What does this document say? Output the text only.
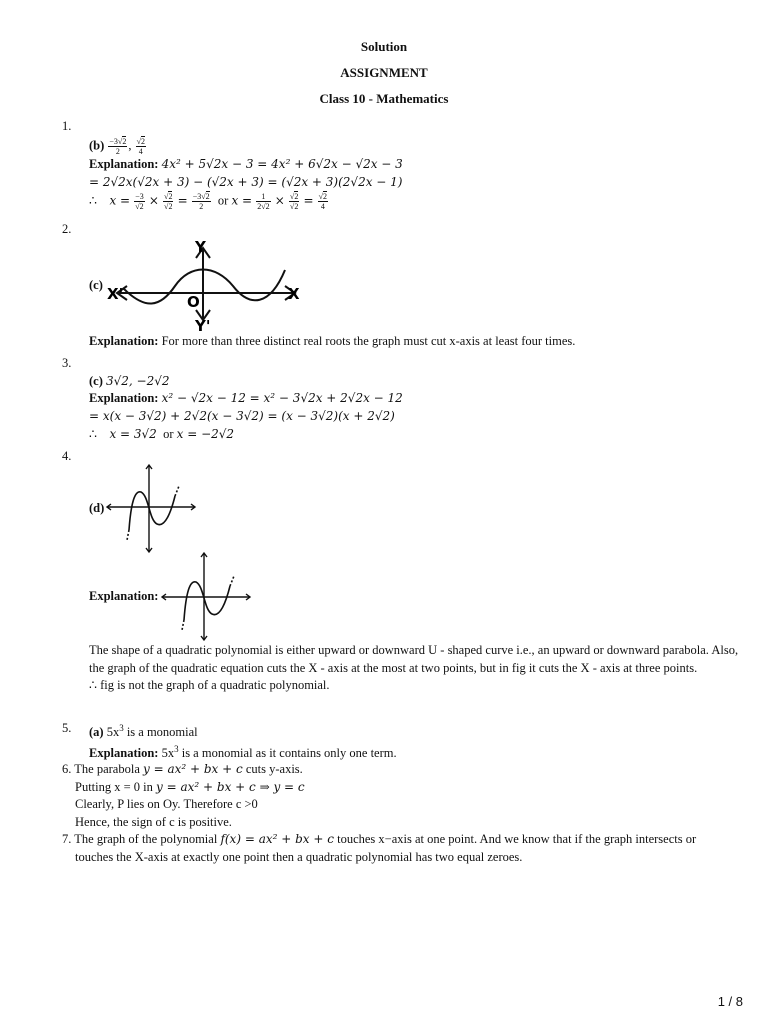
Solution
ASSIGNMENT
Class 10 - Mathematics
1.
$(b) \frac{-3√2}{2}$ , $\frac{√2}{4}$
Explanation: 4x² + 5√2x − 3 = 4x² + 6√2x − √2x − 3
= 2√2x(√2x + 3) − (√2x + 3) = (√2x + 3)(2√2x − 1)
∴ $x = \frac{-3}{√2} \times \frac{√2}{√2} = \frac{-3√2}{2}$ or $x = \frac{1}{2√2} \times \frac{√2}{√2} = \frac{√2}{4}$
2.
(c)
Y
X
X'	O
Y'
Explanation: For more than three distinct real roots the graph must cut x-axis at least four times.
3.
(c) 3√2, −2√2
Explanation: x² − √2x − 12 = x² − 3√2x + 2√2x − 12
= x(x − 3√2) + 2√2(x − 3√2) = (x − 3√2)(x + 2√2)
∴ x = 3√2 or x = −2√2
4.
(d)
Explanation:
The shape of a quadratic polynomial is either upward or downward U - shaped curve i.e., an upward or downward parabola. Also, the graph of the quadratic equation cuts the X - axis at the most at two points, but in fig it cuts the X - axis at three points.
∴ fig is not the graph of a quadratic polynomial.
5. (a) $5x^3$ is a monomial
Explanation: $5x^3$ is a monomial as it contains only one term.
6. The parabola y = ax² + bx + c cuts y-axis.
Putting x = 0 in y = ax² + bx + c ⇒ y = c
Clearly, P lies on Oy. Therefore c >0
Hence, the sign of c is positive.
7. The graph of the polynomial f(x) = ax² + bx + c touches x−axis at one point. And we know that if the graph intersects or
touches the X-axis at exactly one point then a quadratic polynomial has two equal zeroes.
1 / 8
